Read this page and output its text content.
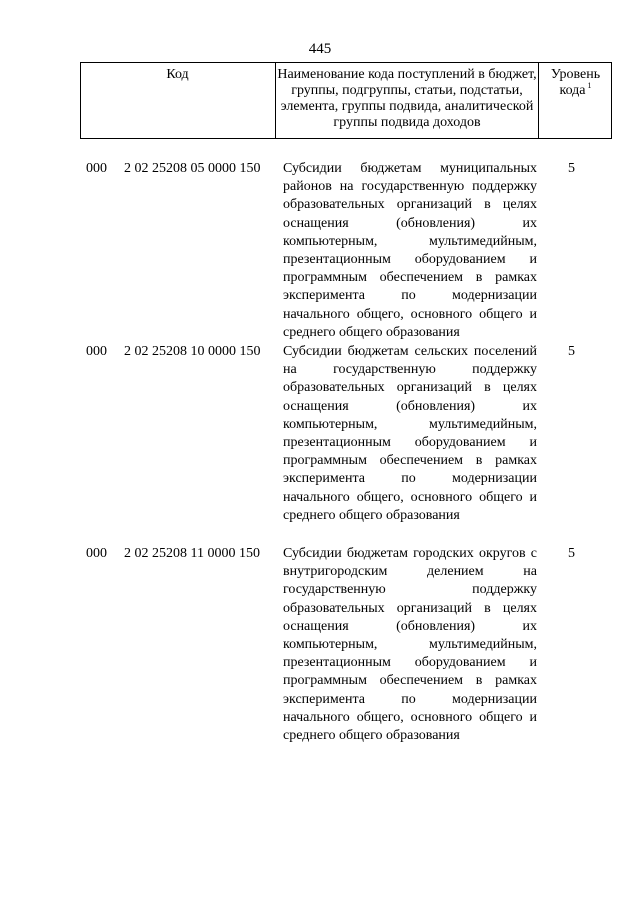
445
Код	Наименование кода поступлений в бюджет, группы, подгруппы, статьи, подстатьи, элемента, группы подвида, аналитической группы подвида доходов
Уровень кода $^1$
000 2 02 25208 05 0000 150 Субсидии бюджетам муниципальных районов на государственную поддержку образовательных организаций в целях оснащения (обновления) их компьютерным, мультимедийным, презентационным оборудованием и программным обеспечением в рамках эксперимента по модернизации начального общего, основного общего и среднего общего образования
5
000 2 02 25208 10 0000 150 Субсидии бюджетам сельских поселений на государственную поддержку образовательных организаций в целях оснащения (обновления) их компьютерным, мультимедийным, презентационным оборудованием и программным обеспечением в рамках эксперимента по модернизации начального общего, основного общего и среднего общего образования
5
000 2 02 25208 11 0000 150 Субсидии бюджетам городских округов с внутригородским делением на государственную поддержку образовательных организаций в целях оснащения (обновления) их компьютерным, мультимедийным, презентационным оборудованием и программным обеспечением в рамках эксперимента по модернизации начального общего, основного общего и среднего общего образования
5
